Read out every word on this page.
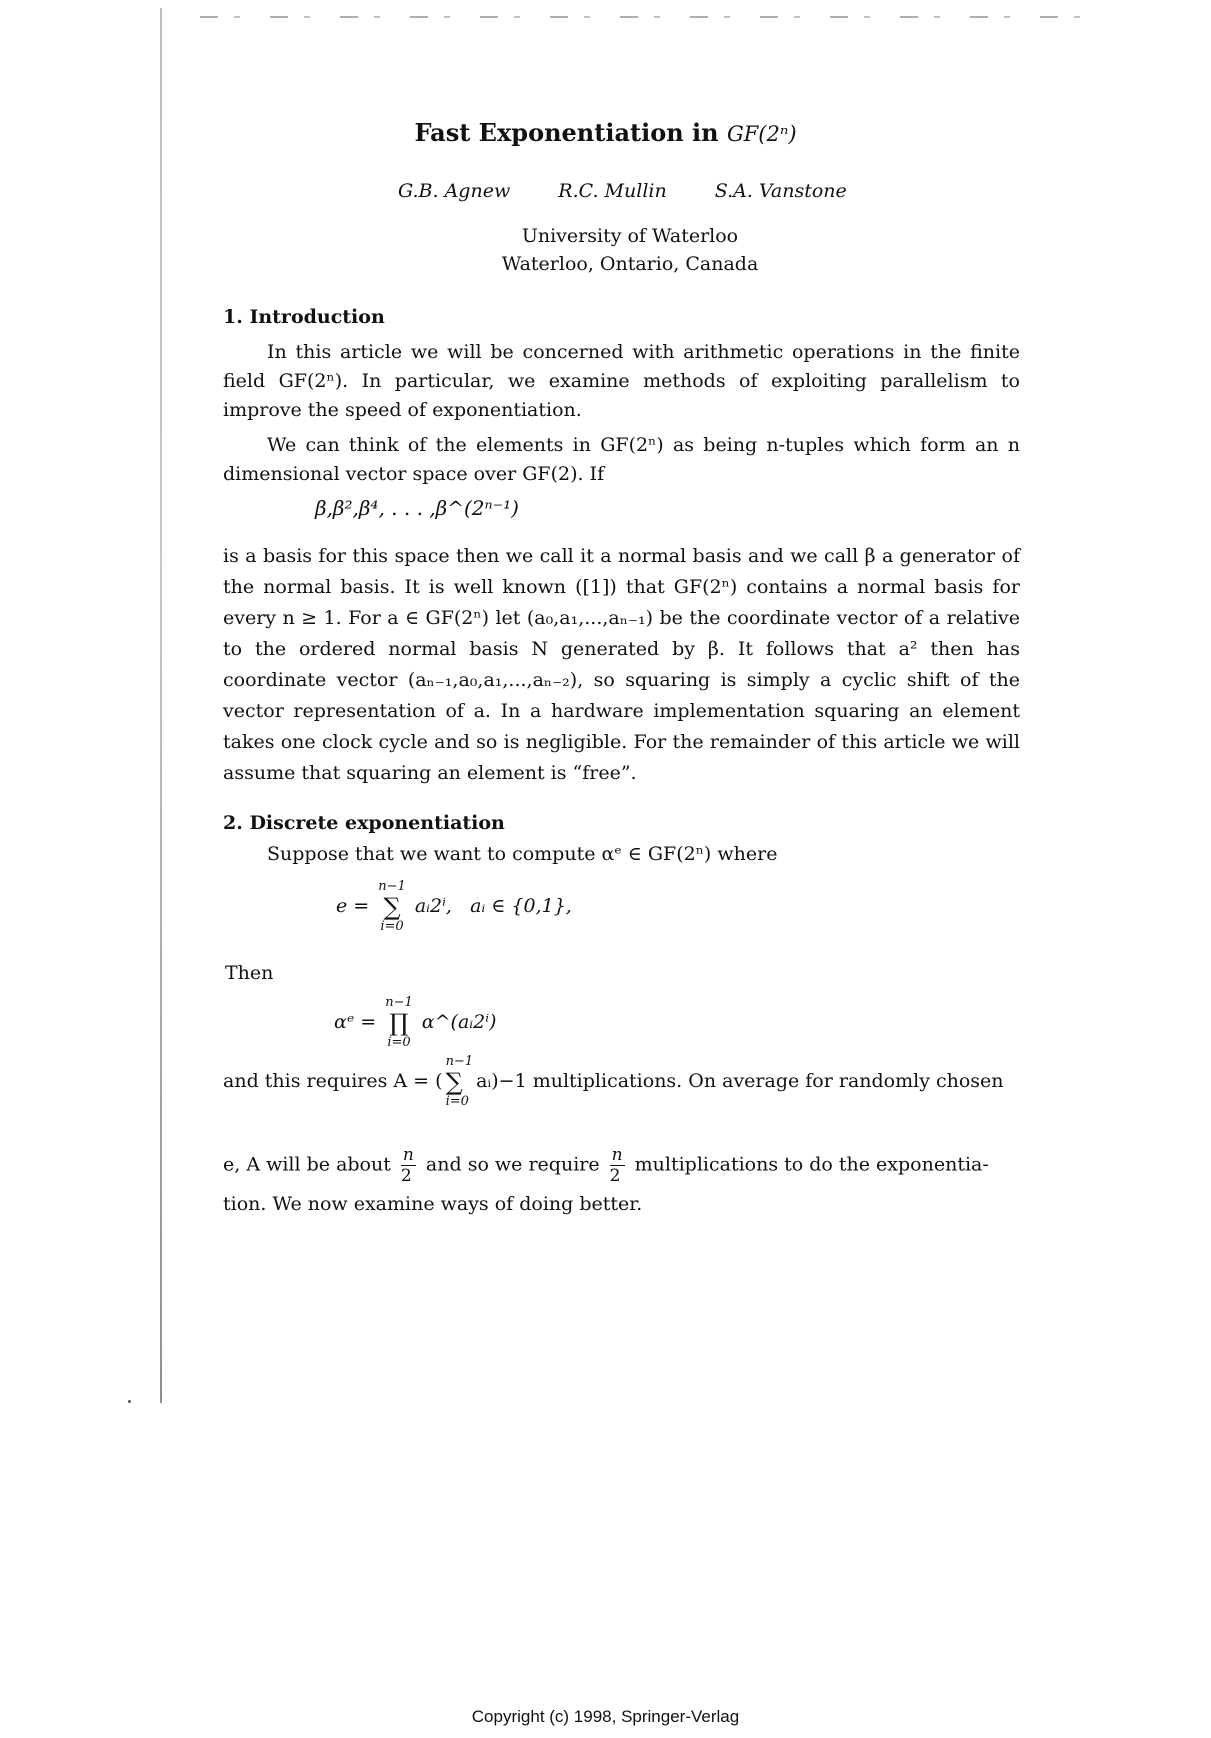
Fast Exponentiation in GF(2ⁿ)
G.B. Agnew	R.C. Mullin	S.A. Vanstone
University of Waterloo
Waterloo, Ontario, Canada
1. Introduction
In this article we will be concerned with arithmetic operations in the finite field GF(2ⁿ). In particular, we examine methods of exploiting parallelism to improve the speed of exponentiation.
We can think of the elements in GF(2ⁿ) as being n-tuples which form an n dimensional vector space over GF(2). If
β,β²,β⁴, . . . ,β^(2ⁿ⁻¹)
is a basis for this space then we call it a normal basis and we call β a generator of the normal basis. It is well known ([1]) that GF(2ⁿ) contains a normal basis for every n ≥ 1. For a ∈ GF(2ⁿ) let (a₀,a₁,...,aₙ₋₁) be the coordinate vector of a relative to the ordered normal basis N generated by β. It follows that a² then has coordinate vector (aₙ₋₁,a₀,a₁,...,aₙ₋₂), so squaring is simply a cyclic shift of the vector representation of a. In a hardware implementation squaring an element takes one clock cycle and so is negligible. For the remainder of this article we will assume that squaring an element is “free”.
2. Discrete exponentiation
Suppose that we want to compute αᵉ ∈ GF(2ⁿ) where
e =
n−1
∑
i=0
aᵢ2ⁱ, aᵢ ∈ {0,1},
Then
αᵉ =
n−1
∏
i=0
α^(aᵢ2ⁱ)
and this requires A = (
n−1
∑
i=0
aᵢ)−1 multiplications. On average for randomly chosen
e, A will be about $\frac{n}{2}$ and so we require $\frac{n}{2}$ multiplications to do the exponentia-
tion. We now examine ways of doing better.
Copyright (c) 1998, Springer-Verlag
